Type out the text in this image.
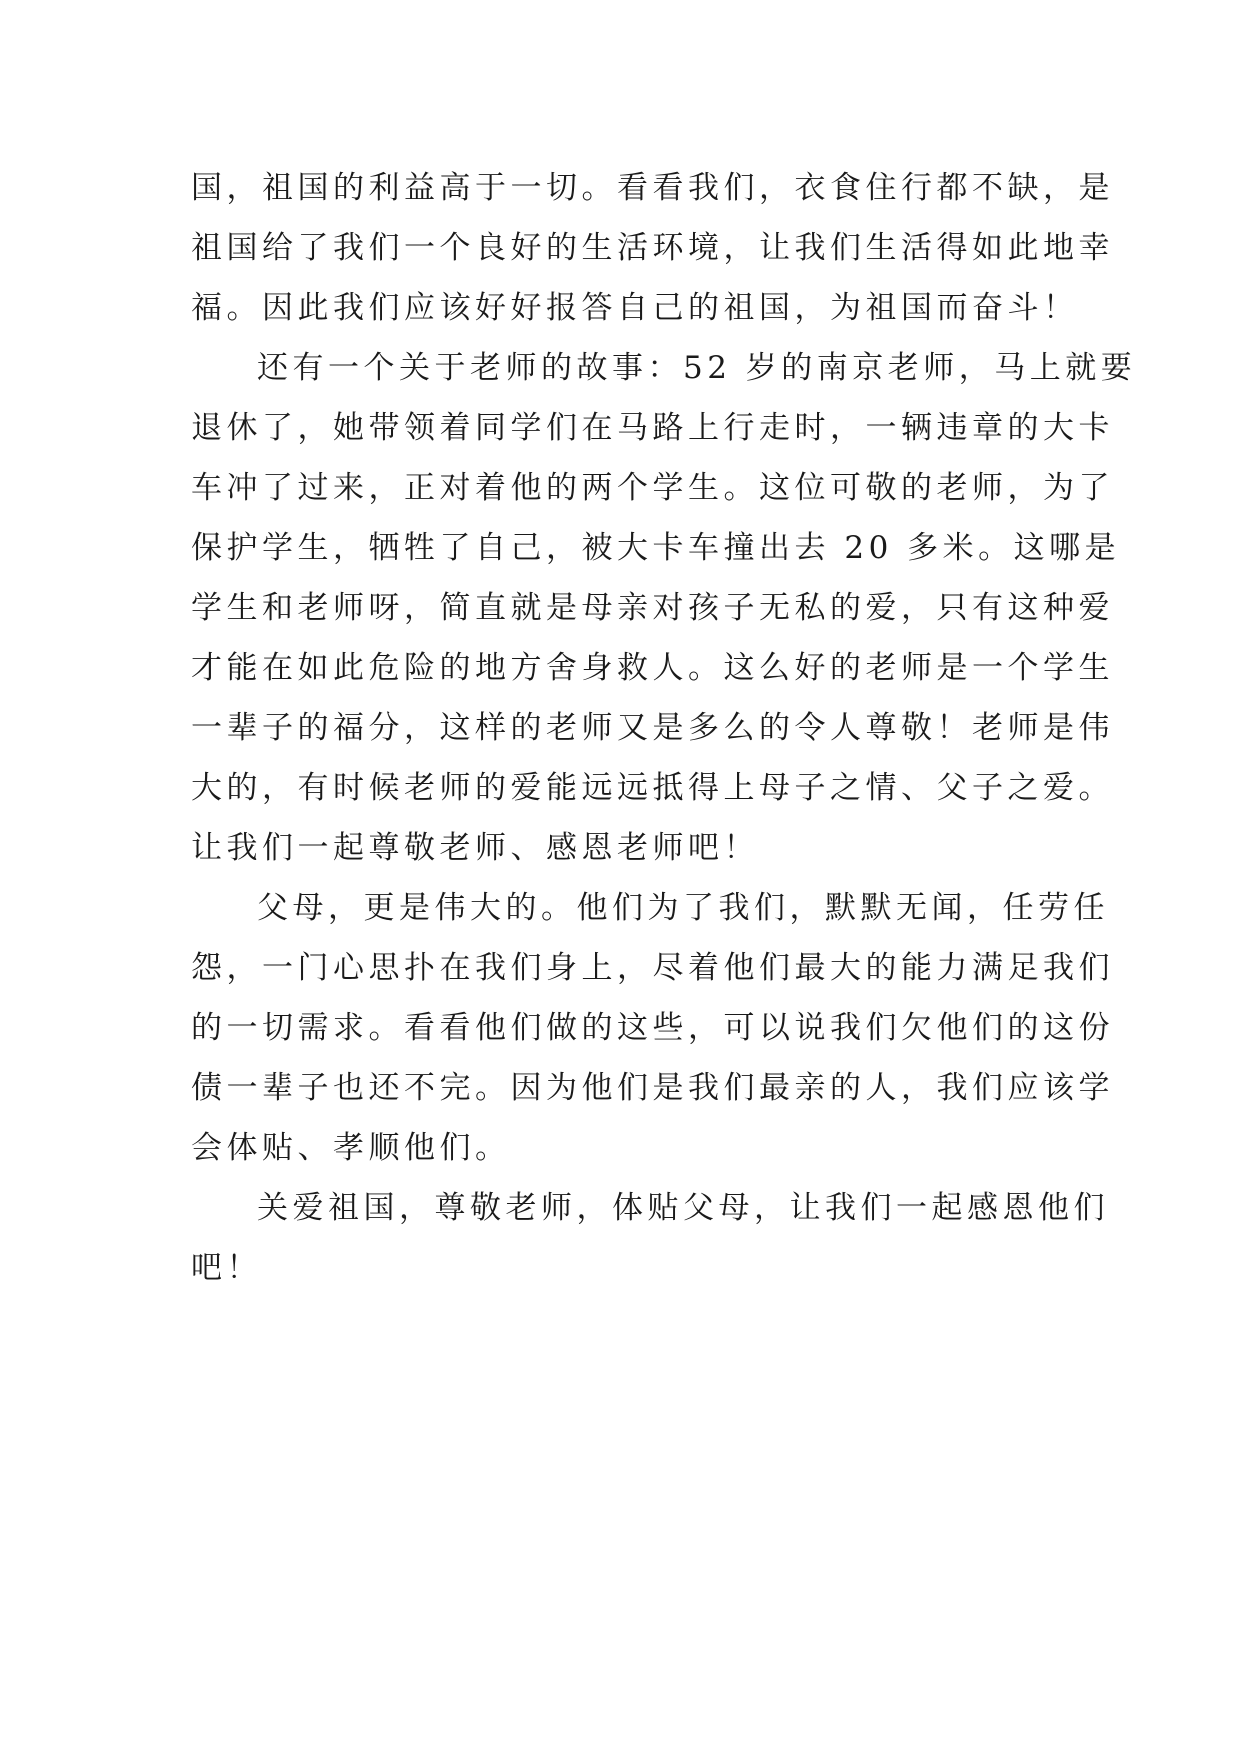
国，祖国的利益高于一切。看看我们，衣食住行都不缺，是
祖国给了我们一个良好的生活环境，让我们生活得如此地幸
福。因此我们应该好好报答自己的祖国，为祖国而奋斗！
还有一个关于老师的故事：52 岁的南京老师，马上就要
退休了，她带领着同学们在马路上行走时，一辆违章的大卡
车冲了过来，正对着他的两个学生。这位可敬的老师，为了
保护学生，牺牲了自己，被大卡车撞出去 20 多米。这哪是
学生和老师呀，简直就是母亲对孩子无私的爱，只有这种爱
才能在如此危险的地方舍身救人。这么好的老师是一个学生
一辈子的福分，这样的老师又是多么的令人尊敬！老师是伟
大的，有时候老师的爱能远远抵得上母子之情、父子之爱。
让我们一起尊敬老师、感恩老师吧！
父母，更是伟大的。他们为了我们，默默无闻，任劳任
怨，一门心思扑在我们身上，尽着他们最大的能力满足我们
的一切需求。看看他们做的这些，可以说我们欠他们的这份
债一辈子也还不完。因为他们是我们最亲的人，我们应该学
会体贴、孝顺他们。
关爱祖国，尊敬老师，体贴父母，让我们一起感恩他们
吧！
